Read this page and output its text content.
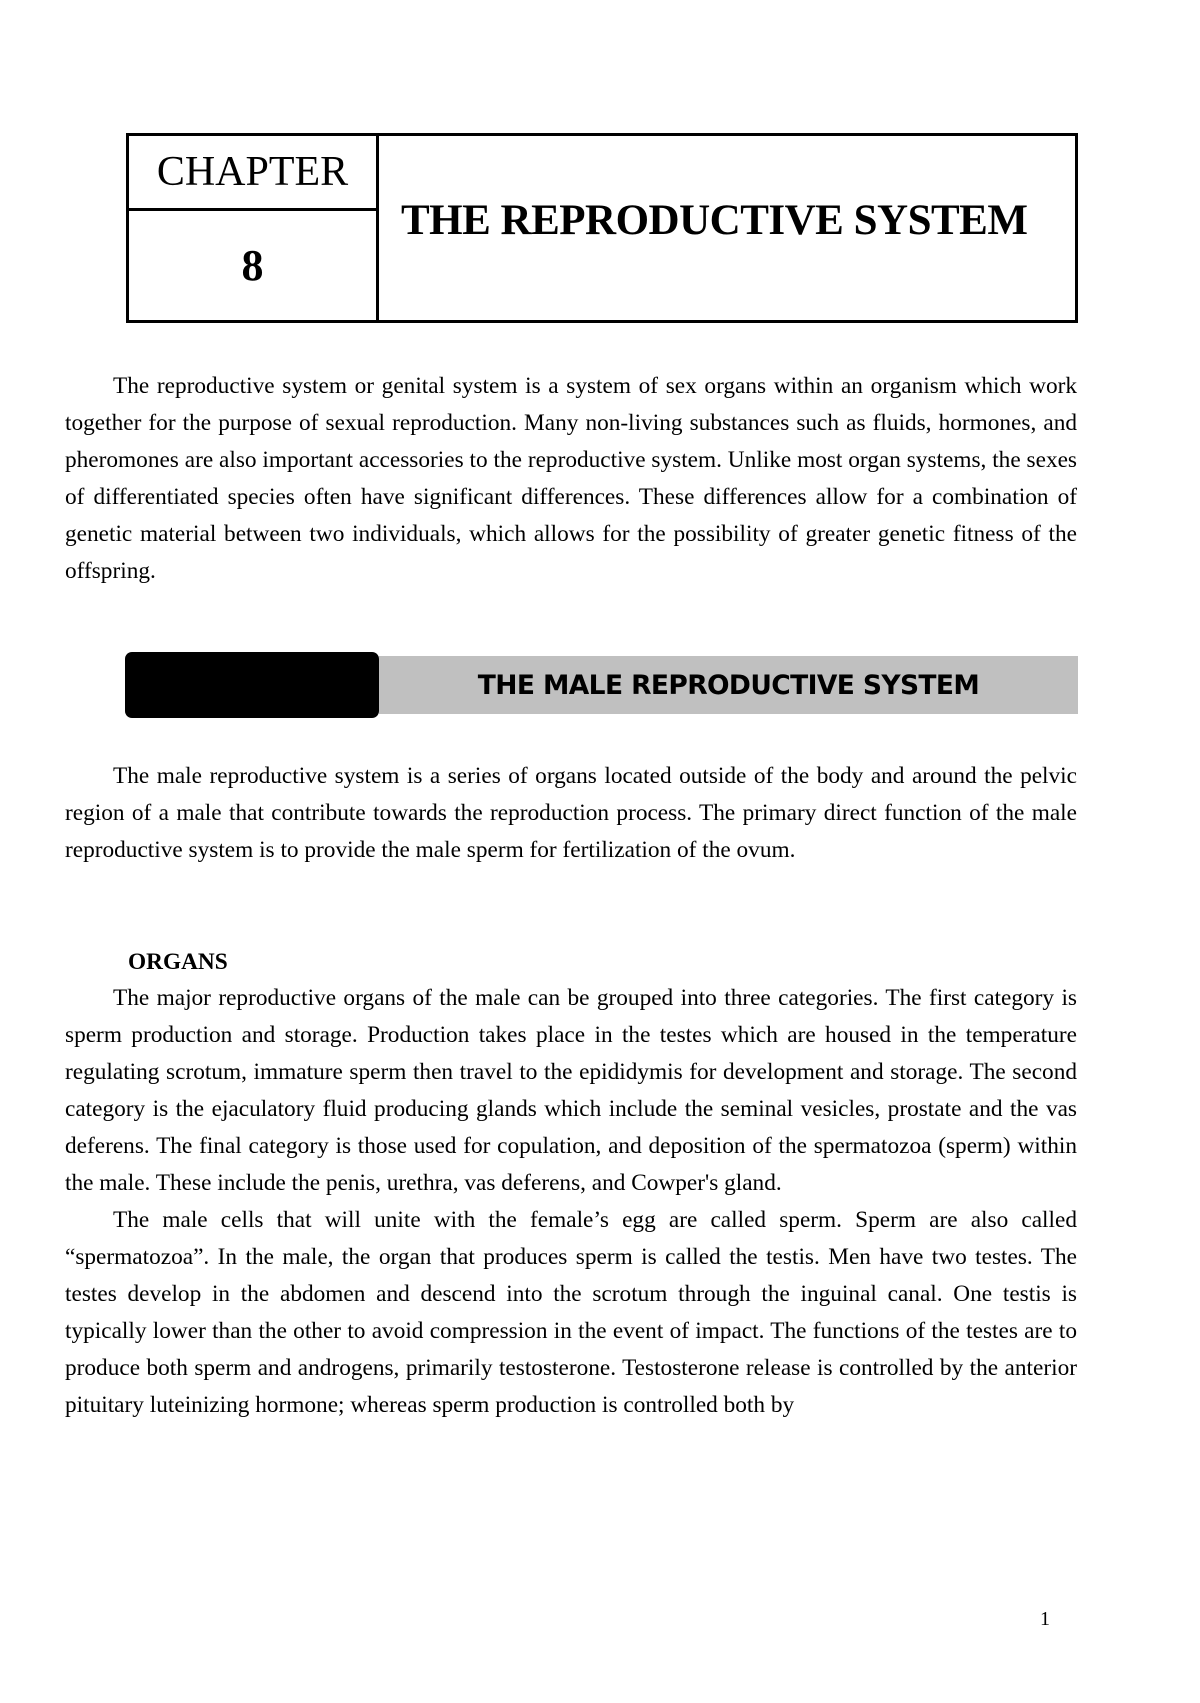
CHAPTER
8
THE REPRODUCTIVE SYSTEM

The reproductive system or genital system is a system of sex organs within an organism which work together for the purpose of sexual reproduction. Many non-living substances such as fluids, hormones, and pheromones are also important accessories to the reproductive system. Unlike most organ systems, the sexes of differentiated species often have significant differences. These differences allow for a combination of genetic material between two individuals, which allows for the possibility of greater genetic fitness of the offspring.

THE MALE REPRODUCTIVE SYSTEM

The male reproductive system is a series of organs located outside of the body and around the pelvic region of a male that contribute towards the reproduction process. The primary direct function of the male reproductive system is to provide the male sperm for fertilization of the ovum.

ORGANS

The major reproductive organs of the male can be grouped into three categories. The first category is sperm production and storage. Production takes place in the testes which are housed in the temperature regulating scrotum, immature sperm then travel to the epididymis for development and storage. The second category is the ejaculatory fluid producing glands which include the seminal vesicles, prostate and the vas deferens. The final category is those used for copulation, and deposition of the spermatozoa (sperm) within the male. These include the penis, urethra, vas deferens, and Cowper's gland.

The male cells that will unite with the female’s egg are called sperm. Sperm are also called “spermatozoa”. In the male, the organ that produces sperm is called the testis. Men have two testes. The testes develop in the abdomen and descend into the scrotum through the inguinal canal. One testis is typically lower than the other to avoid compression in the event of impact. The functions of the testes are to produce both sperm and androgens, primarily testosterone. Testosterone release is controlled by the anterior pituitary luteinizing hormone; whereas sperm production is controlled both by

1
